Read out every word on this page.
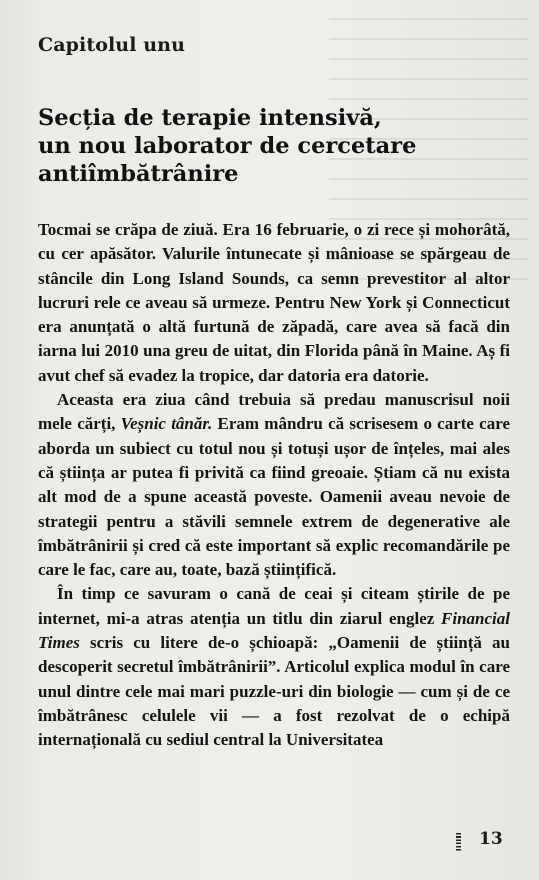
Capitolul unu
Secția de terapie intensivă,
un nou laborator de cercetare
antiîmbătrânire

Tocmai se crăpa de ziuă. Era 16 februarie, o zi rece și mohorâtă, cu cer apăsător. Valurile întunecate și mânioase se spărgeau de stâncile din Long Island Sounds, ca semn prevestitor al altor lucruri rele ce aveau să urmeze. Pentru New York și Connecticut era anunțată o altă furtună de zăpadă, care avea să facă din iarna lui 2010 una greu de uitat, din Florida până în Maine. Aș fi avut chef să evadez la tropice, dar datoria era datorie.

Aceasta era ziua când trebuia să predau manuscrisul noii mele cărți, Veșnic tânăr. Eram mândru că scrisesem o carte care aborda un subiect cu totul nou și totuși ușor de înțeles, mai ales că știința ar putea fi privită ca fiind greoaie. Știam că nu exista alt mod de a spune această poveste. Oamenii aveau nevoie de strategii pentru a stăvili semnele extrem de degenerative ale îmbătrânirii și cred că este important să explic recomandările pe care le fac, care au, toate, bază științifică.

În timp ce savuram o cană de ceai și citeam știrile de pe internet, mi-a atras atenția un titlu din ziarul englez Financial Times scris cu litere de-o șchioapă: „Oamenii de știință au descoperit secretul îmbătrânirii”. Articolul explica modul în care unul dintre cele mai mari puzzle-uri din biologie — cum și de ce îmbătrânesc celulele vii — a fost rezolvat de o echipă internațională cu sediul central la Universitatea

13
